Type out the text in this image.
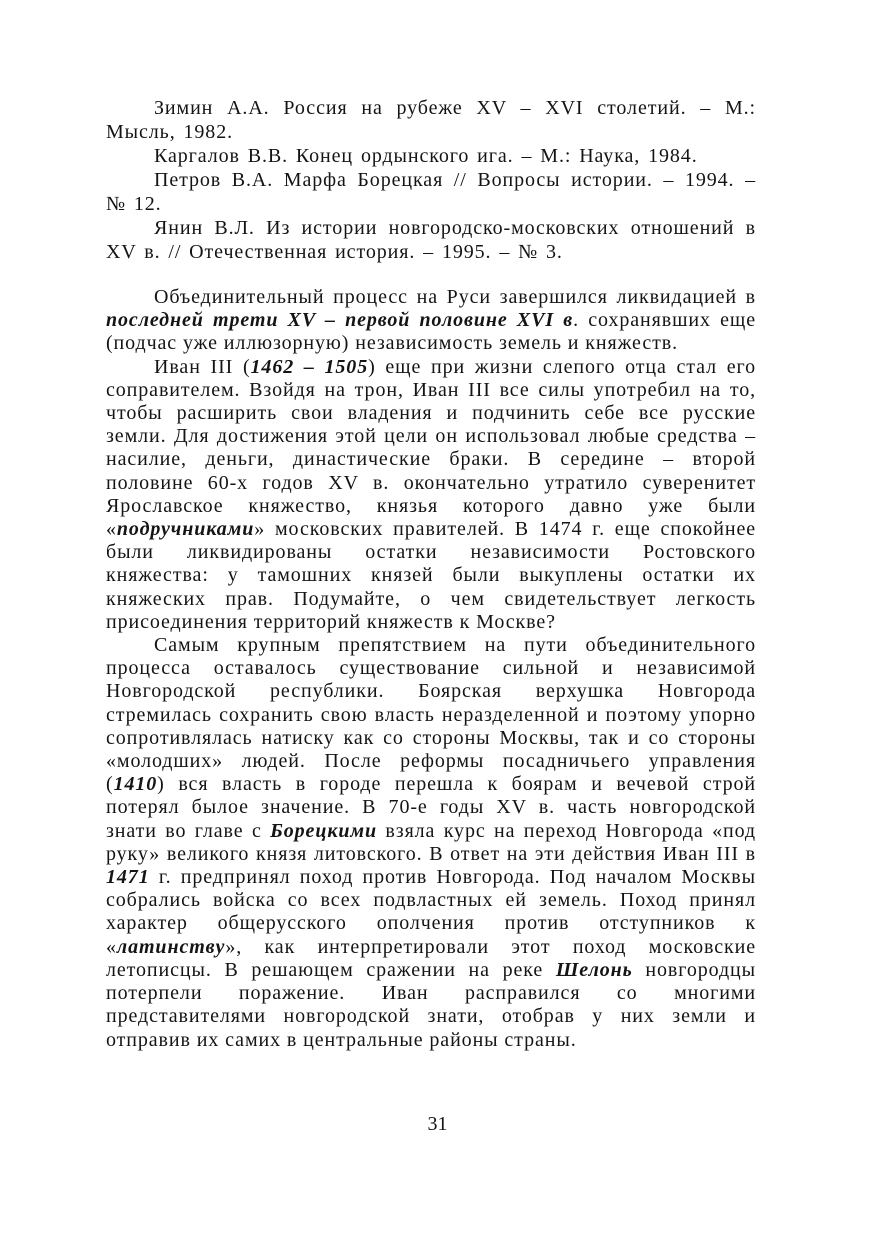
Зимин А.А. Россия на рубеже XV – XVI столетий. – М.: Мысль, 1982.

Каргалов В.В. Конец ордынского ига. – М.: Наука, 1984.

Петров В.А. Марфа Борецкая // Вопросы истории. – 1994. – № 12.

Янин В.Л. Из истории новгородско-московских отношений в XV в. // Отечественная история. – 1995. – № 3.

Объединительный процесс на Руси завершился ликвидацией в последней трети XV – первой половине XVI в. сохранявших еще (подчас уже иллюзорную) независимость земель и княжеств.

Иван III (1462 – 1505) еще при жизни слепого отца стал его соправителем. Взойдя на трон, Иван III все силы употребил на то, чтобы расширить свои владения и подчинить себе все русские земли. Для достижения этой цели он использовал любые средства – насилие, деньги, династические браки. В середине – второй половине 60-х годов XV в. окончательно утратило суверенитет Ярославское княжество, князья которого давно уже были «подручниками» московских правителей. В 1474 г. еще спокойнее были ликвидированы остатки независимости Ростовского княжества: у тамошних князей были выкуплены остатки их княжеских прав. Подумайте, о чем свидетельствует легкость присоединения территорий княжеств к Москве?

Самым крупным препятствием на пути объединительного процесса оставалось существование сильной и независимой Новгородской республики. Боярская верхушка Новгорода стремилась сохранить свою власть неразделенной и поэтому упорно сопротивлялась натиску как со стороны Москвы, так и со стороны «молодших» людей. После реформы посадничьего управления (1410) вся власть в городе перешла к боярам и вечевой строй потерял былое значение. В 70-е годы XV в. часть новгородской знати во главе с Борецкими взяла курс на переход Новгорода «под руку» великого князя литовского. В ответ на эти действия Иван III в 1471 г. предпринял поход против Новгорода. Под началом Москвы собрались войска со всех подвластных ей земель. Поход принял характер общерусского ополчения против отступников к «латинству», как интерпретировали этот поход московские летописцы. В решающем сражении на реке Шелонь новгородцы потерпели поражение. Иван расправился со многими представителями новгородской знати, отобрав у них земли и отправив их самих в центральные районы страны.

31
